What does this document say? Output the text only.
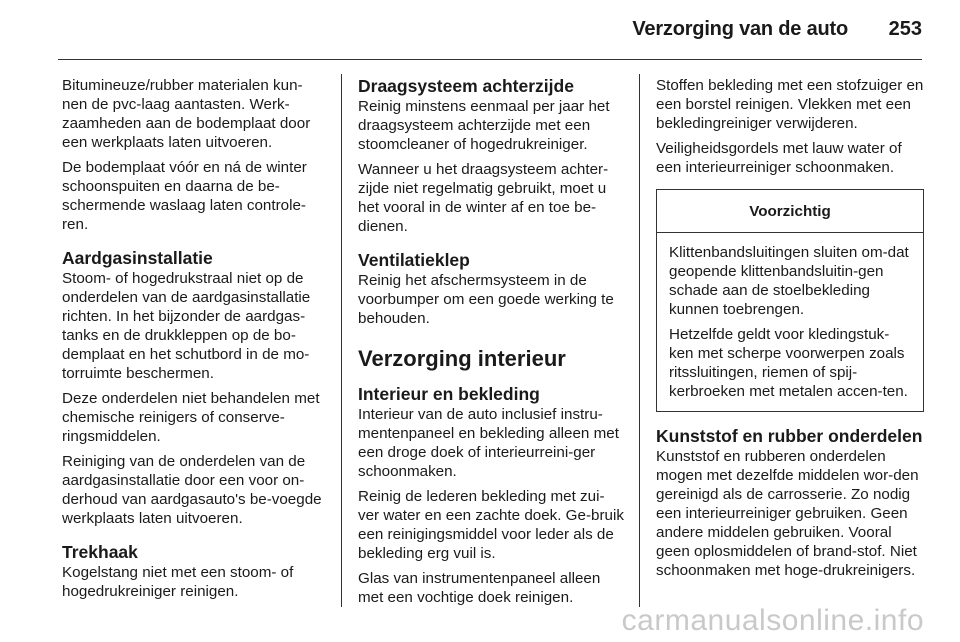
Verzorging van de auto 253

Bitumineuze/rubber materialen kun-nen de pvc-laag aantasten. Werk-zaamheden aan de bodemplaat door een werkplaats laten uitvoeren.

De bodemplaat vóór en ná de winter schoonspuiten en daarna de be-schermende waslaag laten controle-ren.

Aardgasinstallatie

Stoom- of hogedrukstraal niet op de onderdelen van de aardgasinstallatie richten. In het bijzonder de aardgas-tanks en de drukkleppen op de bo-demplaat en het schutbord in de mo-torruimte beschermen.

Deze onderdelen niet behandelen met chemische reinigers of conserve-ringsmiddelen.

Reiniging van de onderdelen van de aardgasinstallatie door een voor on-derhoud van aardgasauto's be-voegde werkplaats laten uitvoeren.

Trekhaak

Kogelstang niet met een stoom- of hogedrukreiniger reinigen.

Draagsysteem achterzijde

Reinig minstens eenmaal per jaar het draagsysteem achterzijde met een stoomcleaner of hogedrukreiniger.

Wanneer u het draagsysteem achter-zijde niet regelmatig gebruikt, moet u het vooral in de winter af en toe be-dienen.

Ventilatieklep

Reinig het afschermsysteem in de voorbumper om een goede werking te behouden.

Verzorging interieur
Interieur en bekleding

Interieur van de auto inclusief instru-mentenpaneel en bekleding alleen met een droge doek of interieurreini-ger schoonmaken.

Reinig de lederen bekleding met zui-ver water en een zachte doek. Ge-bruik een reinigingsmiddel voor leder als de bekleding erg vuil is.

Glas van instrumentenpaneel alleen met een vochtige doek reinigen.

Stoffen bekleding met een stofzuiger en een borstel reinigen. Vlekken met een bekledingreiniger verwijderen.

Veiligheidsgordels met lauw water of een interieurreiniger schoonmaken.

Voorzichtig

Klittenbandsluitingen sluiten om-dat geopende klittenbandsluitin-gen schade aan de stoelbekleding kunnen toebrengen.

Hetzelfde geldt voor kledingstuk-ken met scherpe voorwerpen zoals ritssluitingen, riemen of spij-kerbroeken met metalen accen-ten.

Kunststof en rubber onderdelen

Kunststof en rubberen onderdelen mogen met dezelfde middelen wor-den gereinigd als de carrosserie. Zo nodig een interieurreiniger gebruiken. Geen andere middelen gebruiken. Vooral geen oplosmiddelen of brand-stof. Niet schoonmaken met hoge-drukreinigers.

carmanualsonline.info
